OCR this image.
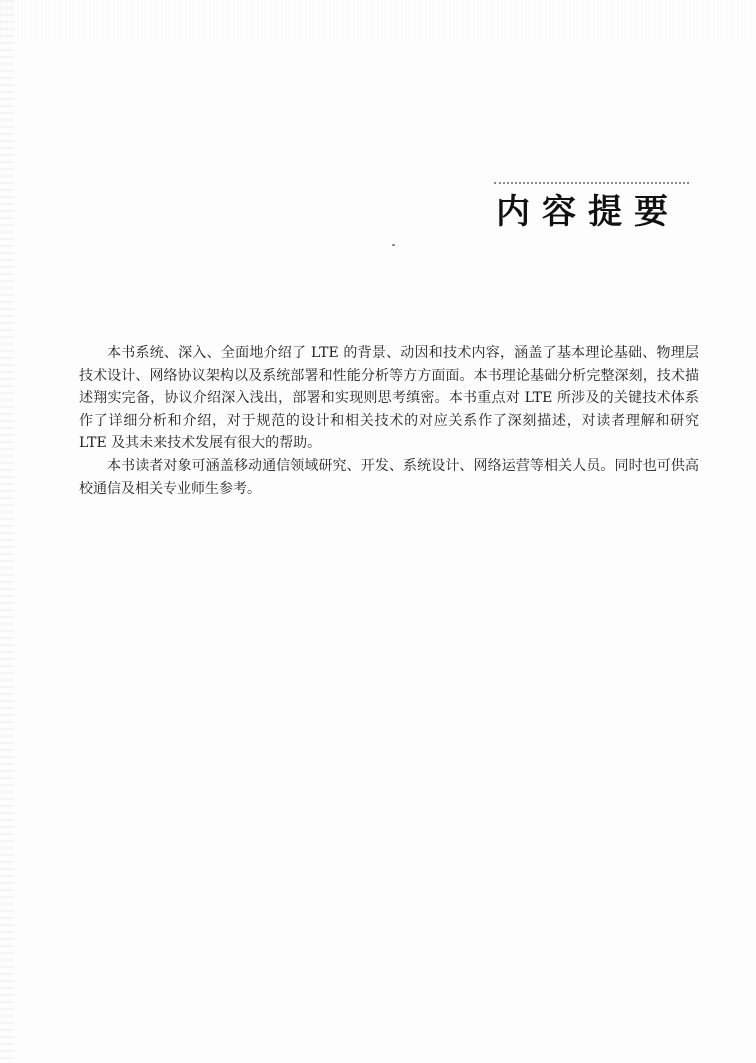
内容提要

本书系统、深入、全面地介绍了 LTE 的背景、动因和技术内容，涵盖了基本理论基础、物理层技术设计、网络协议架构以及系统部署和性能分析等方方面面。本书理论基础分析完整深刻，技术描述翔实完备，协议介绍深入浅出，部署和实现则思考缜密。本书重点对 LTE 所涉及的关键技术体系作了详细分析和介绍，对于规范的设计和相关技术的对应关系作了深刻描述，对读者理解和研究 LTE 及其未来技术发展有很大的帮助。

本书读者对象可涵盖移动通信领域研究、开发、系统设计、网络运营等相关人员。同时也可供高校通信及相关专业师生参考。
